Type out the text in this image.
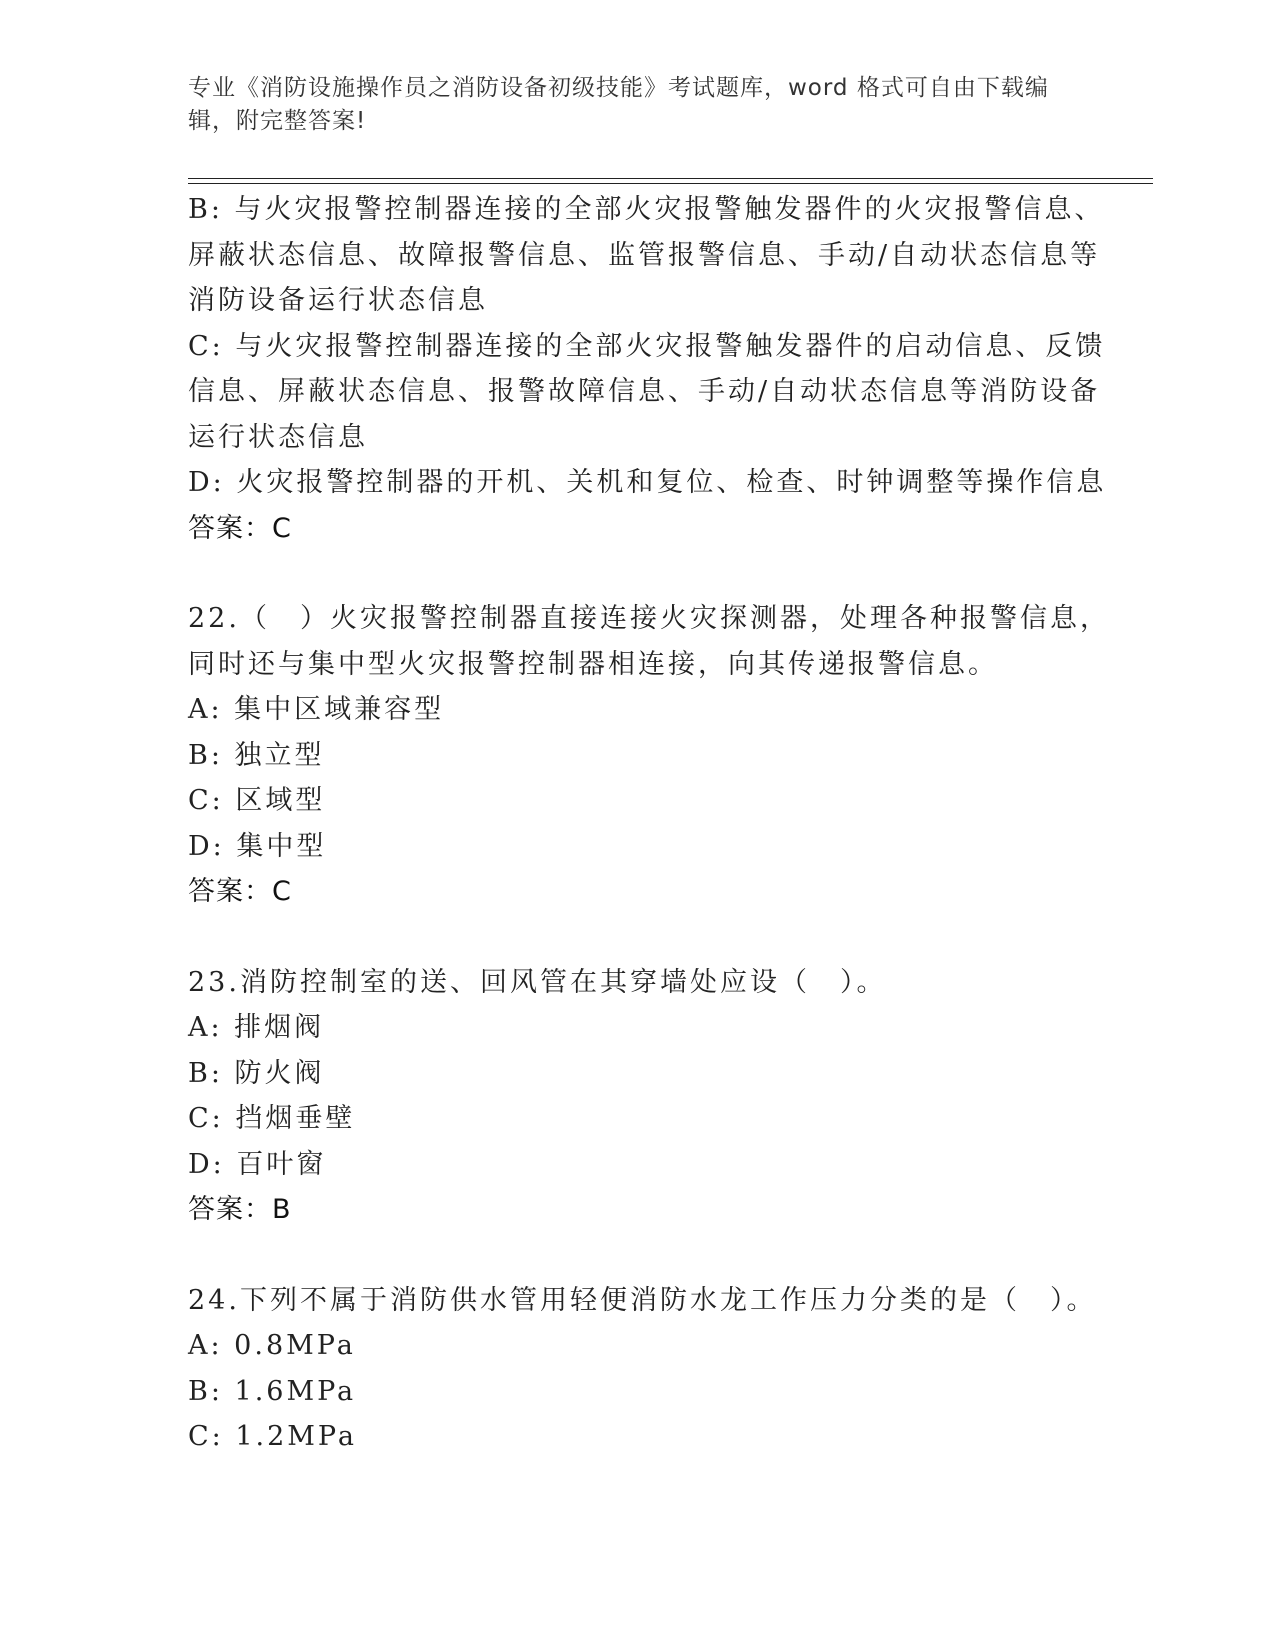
专业《消防设施操作员之消防设备初级技能》考试题库，word 格式可自由下载编
辑，附完整答案!
B: 与火灾报警控制器连接的全部火灾报警触发器件的火灾报警信息、
屏蔽状态信息、故障报警信息、监管报警信息、手动/自动状态信息等
消防设备运行状态信息
C: 与火灾报警控制器连接的全部火灾报警触发器件的启动信息、反馈
信息、屏蔽状态信息、报警故障信息、手动/自动状态信息等消防设备
运行状态信息
D: 火灾报警控制器的开机、关机和复位、检查、时钟调整等操作信息
答案：C
22.（　）火灾报警控制器直接连接火灾探测器，处理各种报警信息，
同时还与集中型火灾报警控制器相连接，向其传递报警信息。
A: 集中区域兼容型
B: 独立型
C: 区域型
D: 集中型
答案：C
23.消防控制室的送、回风管在其穿墙处应设（　）。
A: 排烟阀
B: 防火阀
C: 挡烟垂壁
D: 百叶窗
答案：B
24.下列不属于消防供水管用轻便消防水龙工作压力分类的是（　）。
A: 0.8MPa
B: 1.6MPa
C: 1.2MPa
